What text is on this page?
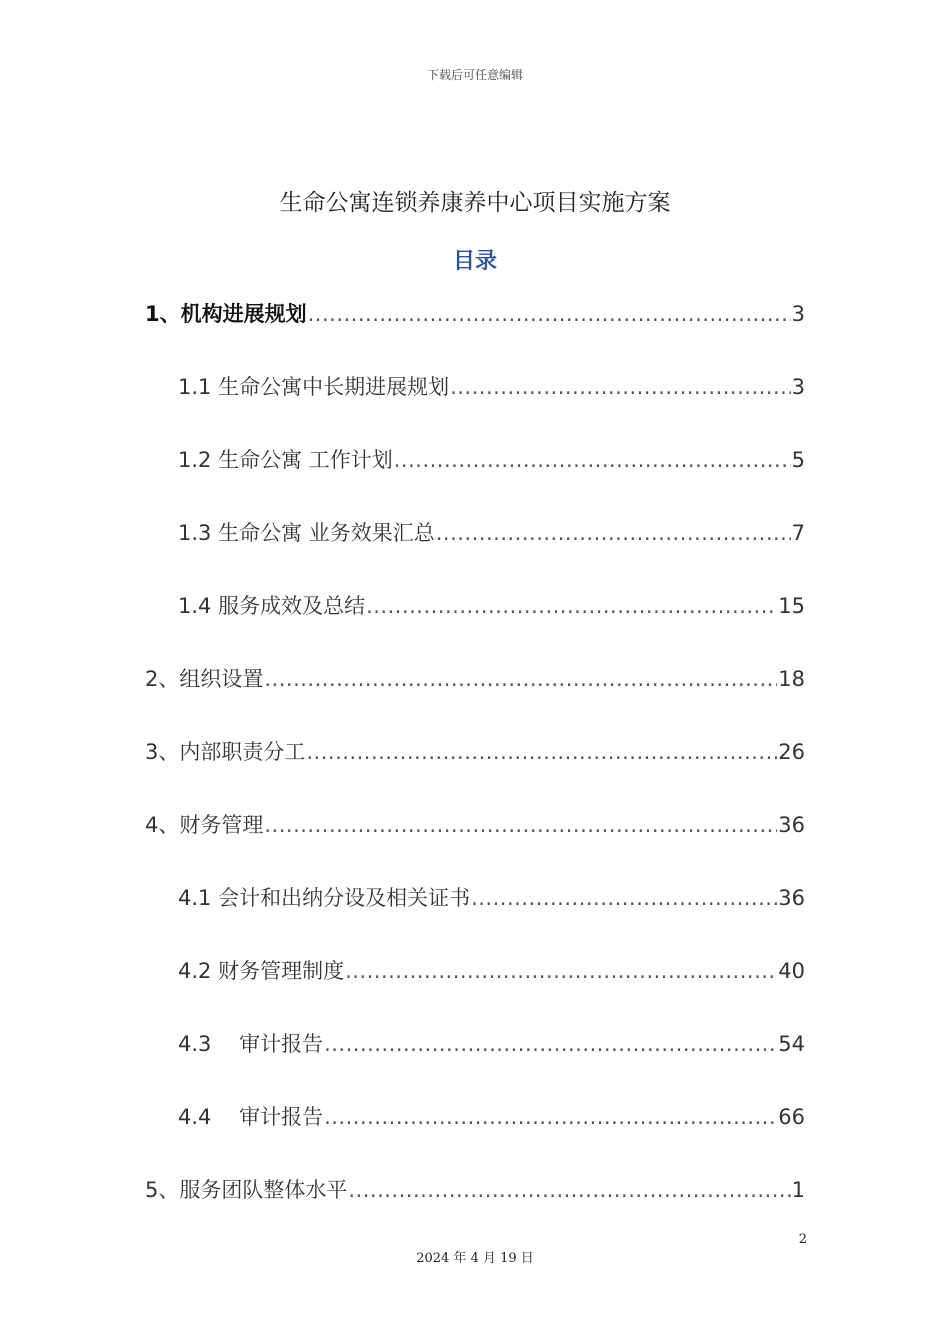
下载后可任意编辑
生命公寓连锁养康养中心项目实施方案
目录
1、机构进展规划 .....	3
1.1 生命公寓中长期进展规划 .....	3
1.2 生命公寓 工作计划 .....	5
1.3 生命公寓 业务效果汇总 .....	7
1.4 服务成效及总结 .....	15
2、组织设置 .....	18
3、内部职责分工 .....	26
4、财务管理 .....	36
4.1 会计和出纳分设及相关证书 .....	36
4.2 财务管理制度 .....	40
4.3　 审计报告 .....	54
4.4　 审计报告 .....	66
5、服务团队整体水平 .....	1
2
2024 年 4 月 19 日
